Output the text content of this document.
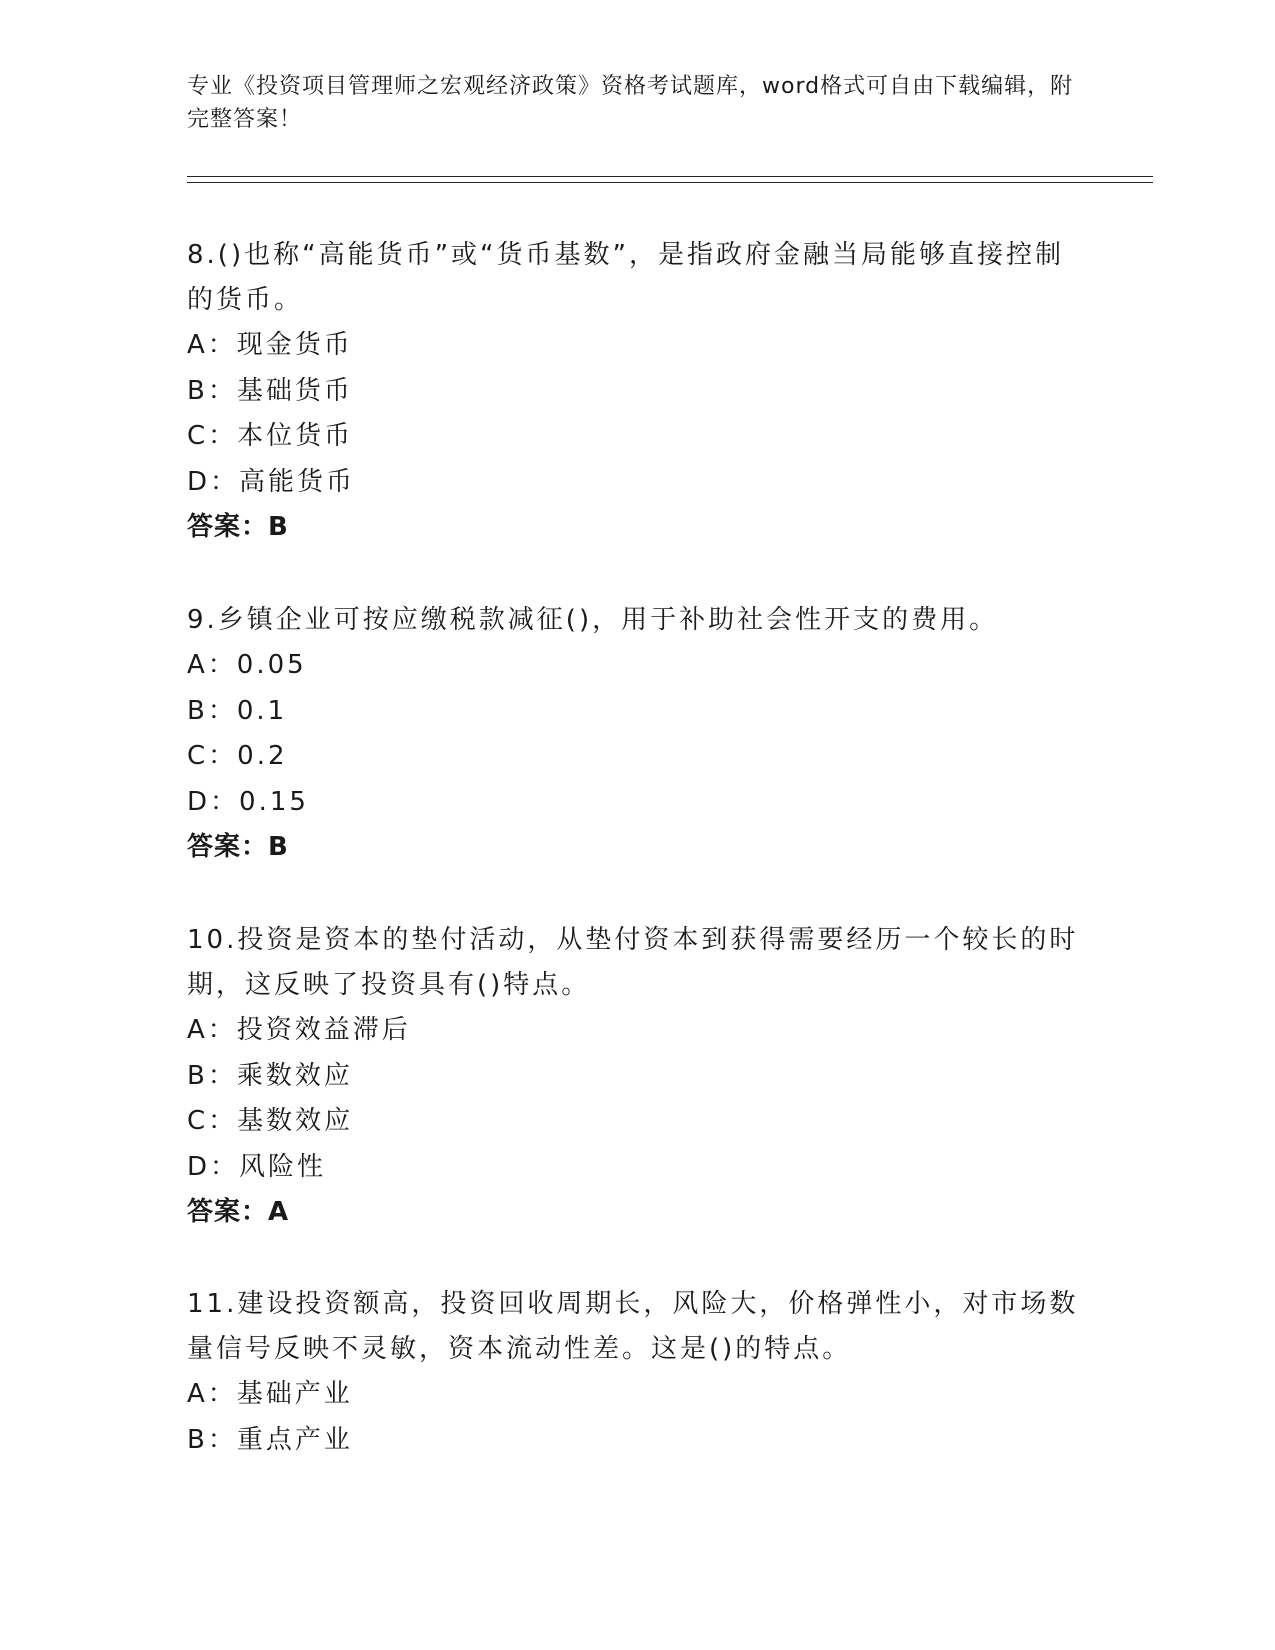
专业《投资项目管理师之宏观经济政策》资格考试题库，word格式可自由下载编辑，附完整答案！
8.()也称“高能货币”或“货币基数”，是指政府金融当局能够直接控制的货币。
A：现金货币
B：基础货币
C：本位货币
D：高能货币
答案：B
9.乡镇企业可按应缴税款减征()，用于补助社会性开支的费用。
A：0.05
B：0.1
C：0.2
D：0.15
答案：B
10.投资是资本的垫付活动，从垫付资本到获得需要经历一个较长的时期，这反映了投资具有()特点。
A：投资效益滞后
B：乘数效应
C：基数效应
D：风险性
答案：A
11.建设投资额高，投资回收周期长，风险大，价格弹性小，对市场数量信号反映不灵敏，资本流动性差。这是()的特点。
A：基础产业
B：重点产业
